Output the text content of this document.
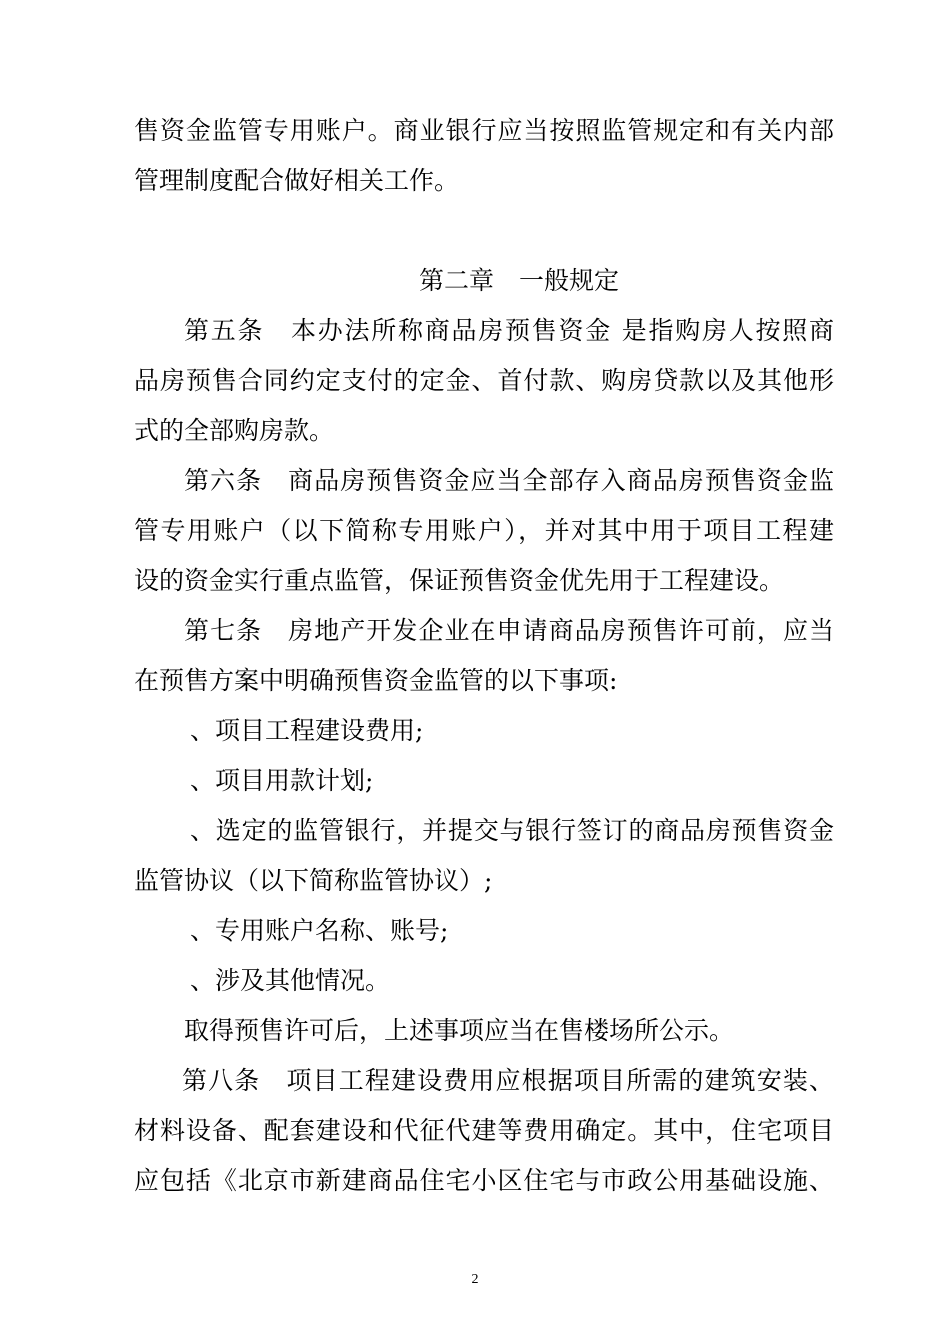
售资金监管专用账户。商业银行应当按照监管规定和有关内部
管理制度配合做好相关工作。
第二章　一般规定
第五条　本办法所称商品房预售资金 是指购房人按照商
品房预售合同约定支付的定金、首付款、购房贷款以及其他形
式的全部购房款。
第六条　商品房预售资金应当全部存入商品房预售资金监
管专用账户（以下简称专用账户），并对其中用于项目工程建
设的资金实行重点监管，保证预售资金优先用于工程建设。
第七条　房地产开发企业在申请商品房预售许可前，应当
在预售方案中明确预售资金监管的以下事项:
、项目工程建设费用;
、项目用款计划;
、选定的监管银行，并提交与银行签订的商品房预售资金
监管协议（以下简称监管协议）;
、专用账户名称、账号;
、涉及其他情况。
取得预售许可后，上述事项应当在售楼场所公示。
第八条　项目工程建设费用应根据项目所需的建筑安装、
材料设备、配套建设和代征代建等费用确定。其中，住宅项目
应包括《北京市新建商品住宅小区住宅与市政公用基础设施、
2
